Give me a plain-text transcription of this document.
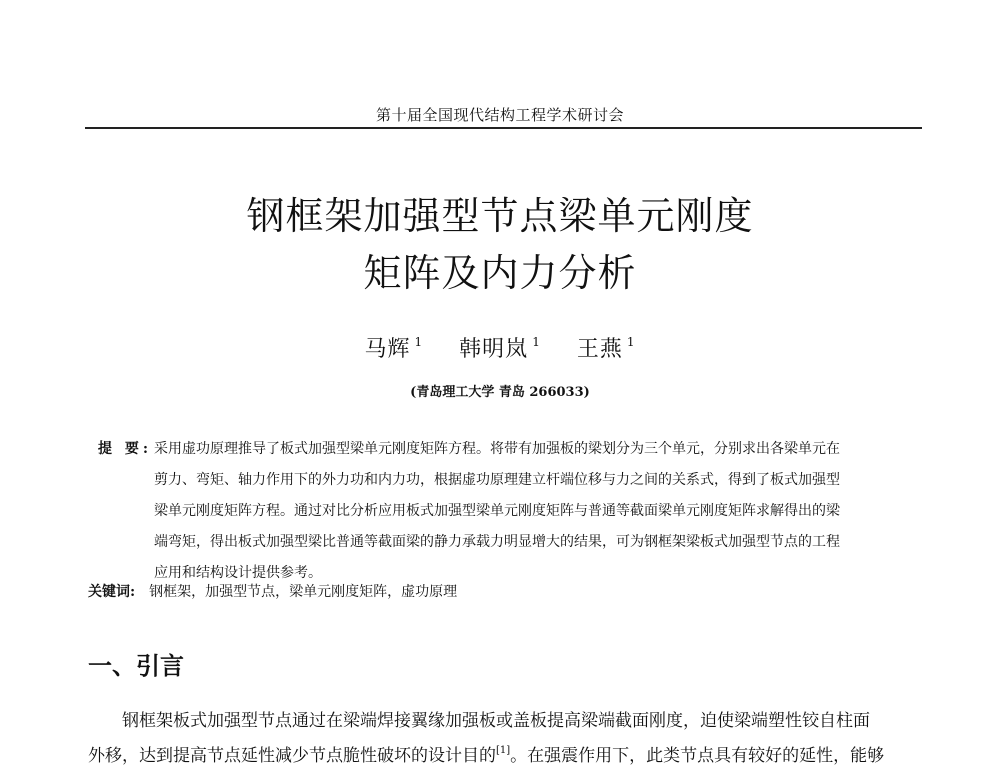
第十届全国现代结构工程学术研讨会
钢框架加强型节点梁单元刚度
矩阵及内力分析
马辉 $^1$ 韩明岚 $^1$ 王燕 $^1$
(青岛理工大学 青岛 266033)
提 要: 采用虚功原理推导了板式加强型梁单元刚度矩阵方程。将带有加强板的梁划分为三个单元，分别求出各梁单元在
剪力、弯矩、轴力作用下的外力功和内力功，根据虚功原理建立杆端位移与力之间的关系式，得到了板式加强型
梁单元刚度矩阵方程。通过对比分析应用板式加强型梁单元刚度矩阵与普通等截面梁单元刚度矩阵求解得出的梁
端弯矩，得出板式加强型梁比普通等截面梁的静力承载力明显增大的结果，可为钢框架梁板式加强型节点的工程
应用和结构设计提供参考。
关键词: 钢框架，加强型节点，梁单元刚度矩阵，虚功原理
一、引言
钢框架板式加强型节点通过在梁端焊接翼缘加强板或盖板提高梁端截面刚度，迫使梁端塑性铰自柱面
外移，达到提高节点延性减少节点脆性破坏的设计目的[1]。在强震作用下，此类节点具有较好的延性，能够
